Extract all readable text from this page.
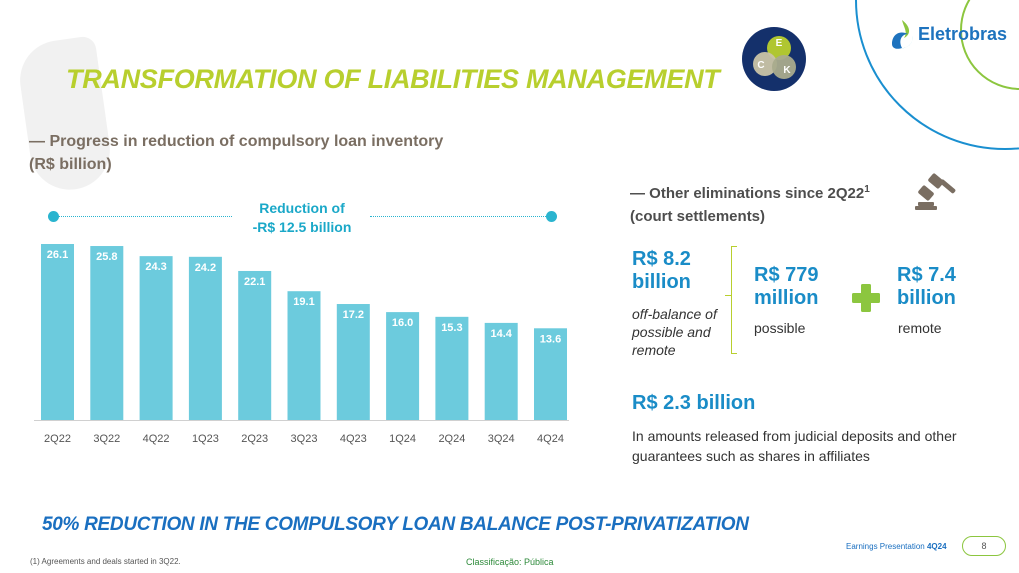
TRANSFORMATION OF LIABILITIES MANAGEMENT
E
C K
Eletrobras
— Progress in reduction of compulsory loan inventory
(R$ billion)
Reduction of
-R$ 12.5 billion
26.1
2Q22
25.8
3Q22
24.3
4Q22
24.2
1Q23
22.1
2Q23
19.1
3Q23
17.2
4Q23
16.0
1Q24
15.3
2Q24
14.4
3Q24
13.6
4Q24
— Other eliminations since $2Q22^1$
(court settlements)
R$ 8.2
billion
off-balance of possible and remote
R$ 779
million
possible
R$ 7.4
billion
remote
R$ 2.3 billion
In amounts released from judicial deposits and other guarantees such as shares in affiliates
50% REDUCTION IN THE COMPULSORY LOAN BALANCE POST-PRIVATIZATION
(1) Agreements and deals started in 3Q22.	Classificação: Pública
Earnings Presentation 4Q24	8
